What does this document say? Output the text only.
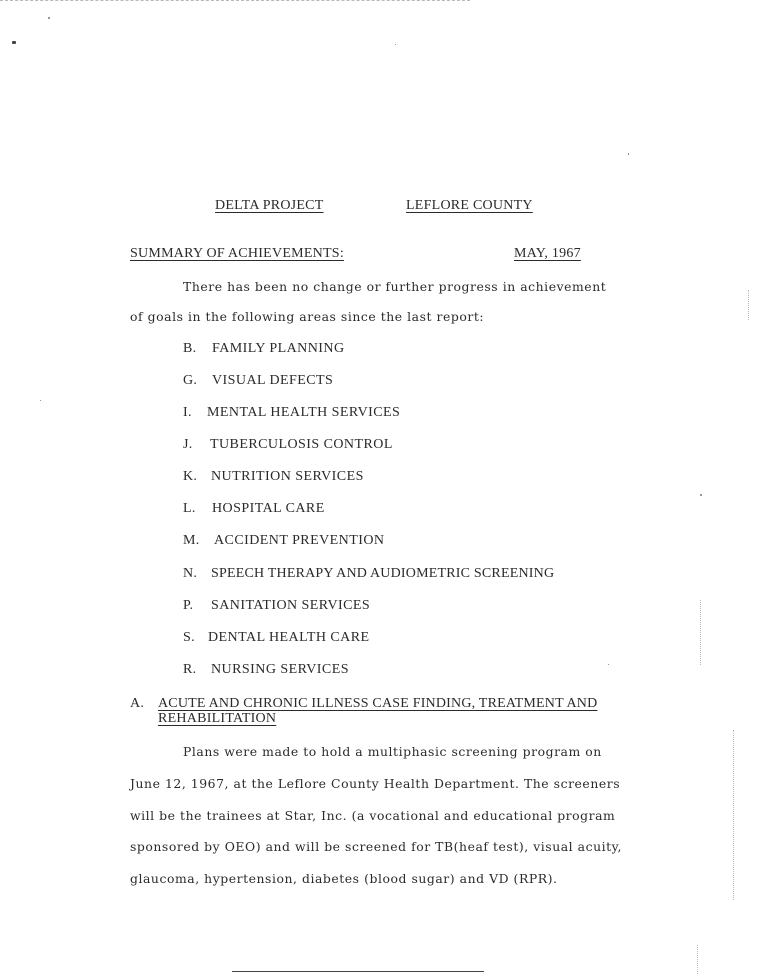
DELTA PROJECT	LEFLORE COUNTY
SUMMARY OF ACHIEVEMENTS:	MAY, 1967
There has been no change or further progress in achievement
of goals in the following areas since the last report:
B. FAMILY PLANNING
G. VISUAL DEFECTS
I. MENTAL HEALTH SERVICES
J. TUBERCULOSIS CONTROL
K. NUTRITION SERVICES
L. HOSPITAL CARE
M. ACCIDENT PREVENTION
N. SPEECH THERAPY AND AUDIOMETRIC SCREENING
P. SANITATION SERVICES
S. DENTAL HEALTH CARE
R. NURSING SERVICES
A. ACUTE AND CHRONIC ILLNESS CASE FINDING, TREATMENT AND
REHABILITATION
Plans were made to hold a multiphasic screening program on
June 12, 1967, at the Leflore County Health Department. The screeners
will be the trainees at Star, Inc. (a vocational and educational program
sponsored by OEO) and will be screened for TB(heaf test), visual acuity,
glaucoma, hypertension, diabetes (blood sugar) and VD (RPR).
